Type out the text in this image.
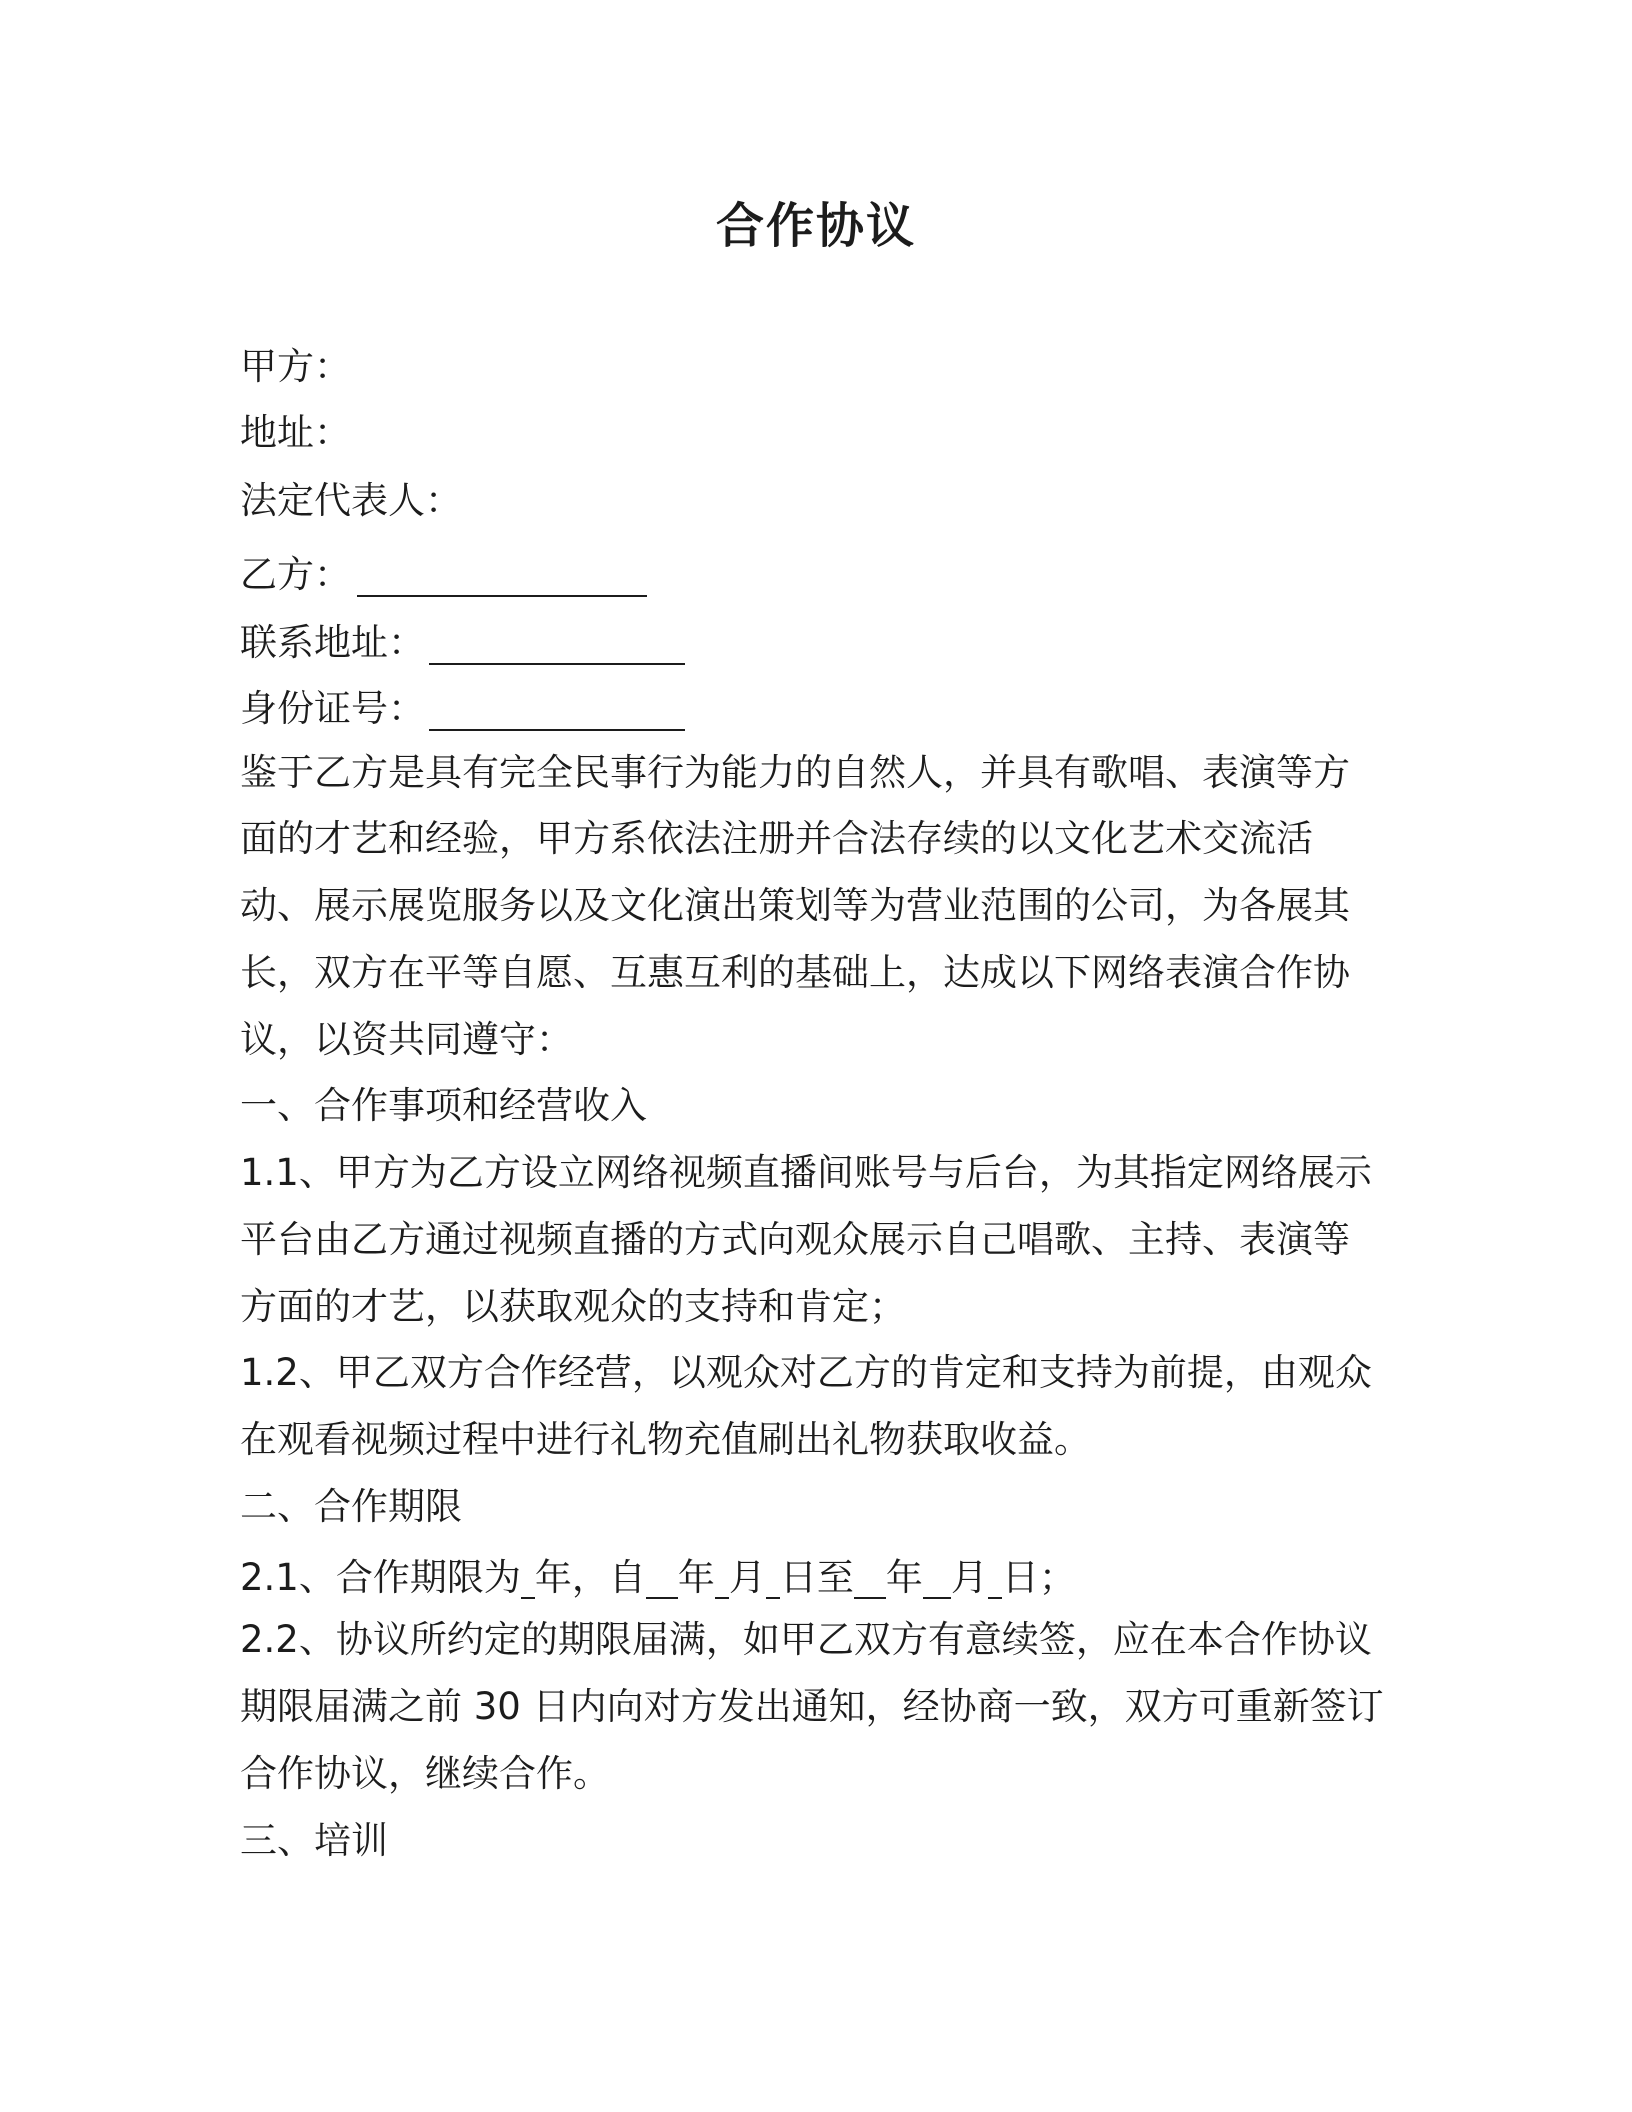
合作协议
甲方：
地址：
法定代表人：
乙方：
联系地址：
身份证号：
鉴于乙方是具有完全民事行为能力的自然人，并具有歌唱、表演等方
面的才艺和经验，甲方系依法注册并合法存续的以文化艺术交流活
动、展示展览服务以及文化演出策划等为营业范围的公司，为各展其
长，双方在平等自愿、互惠互利的基础上，达成以下网络表演合作协
议，以资共同遵守：
一、合作事项和经营收入
1.1、甲方为乙方设立网络视频直播间账号与后台，为其指定网络展示
平台由乙方通过视频直播的方式向观众展示自己唱歌、主持、表演等
方面的才艺，以获取观众的支持和肯定；
1.2、甲乙双方合作经营，以观众对乙方的肯定和支持为前提，由观众
在观看视频过程中进行礼物充值刷出礼物获取收益。
二、合作期限
2.1、合作期限为 年，自 年 月 日至 年 月 日；
2.2、协议所约定的期限届满，如甲乙双方有意续签，应在本合作协议
期限届满之前 30 日内向对方发出通知，经协商一致，双方可重新签订
合作协议，继续合作。
三、培训
